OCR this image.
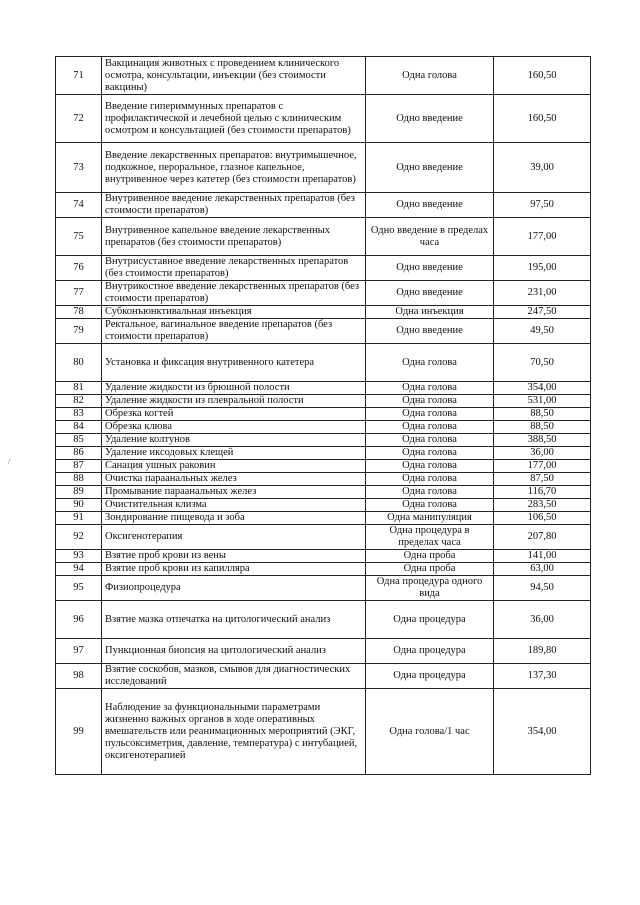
/
71	Вакцинация животных с проведением клинического осмотра, консультации, инъекции (без стоимости вакцины)	Одна голова	160,50
72	Введение гипериммунных препаратов с профилактической и лечебной целью с клиническим осмотром и консультацией (без стоимости препаратов)	Одно введение	160,50
73	Введение лекарственных препаратов: внутримышечное, подкожное, пероральное, глазное капельное, внутривенное через катетер (без стоимости препаратов)	Одно введение	39,00
74	Внутривенное введение лекарственных препаратов (без стоимости препаратов)	Одно введение	97,50
75	Внутривенное капельное введение лекарственных препаратов (без стоимости препаратов)	Одно введение в пределах часа	177,00
76	Внутрисуставное введение лекарственных препаратов (без стоимости препаратов)	Одно введение	195,00
77	Внутрикостное введение лекарственных препаратов (без стоимости препаратов)	Одно введение	231,00
78	Субконъюнктивальная инъекция	Одна инъекция	247,50
79	Ректальное, вагинальное введение препаратов (без стоимости препаратов)	Одно введение	49,50
80	Установка и фиксация внутривенного катетера	Одна голова	70,50
81	Удаление жидкости из брюшной полости	Одна голова	354,00
82	Удаление жидкости из плевральной полости	Одна голова	531,00
83	Обрезка когтей	Одна голова	88,50
84	Обрезка клюва	Одна голова	88,50
85	Удаление колтунов	Одна голова	388,50
86	Удаление иксодовых клещей	Одна голова	36,00
87	Санация ушных раковин	Одна голова	177,00
88	Очистка параанальных желез	Одна голова	87,50
89	Промывание параанальных желез	Одна голова	116,70
90	Очистительная клизма	Одна голова	283,50
91	Зондирование пищевода и зоба	Одна манипуляция	106,50
92	Оксигенотерапия	Одна процедура в пределах часа	207,80
93	Взятие проб крови из вены	Одна проба	141,00
94	Взятие проб крови из капилляра	Одна проба	63,00
95	Физиопроцедура	Одна процедура одного вида	94,50
96	Взятие мазка отпечатка на цитологический анализ	Одна процедура	36,00
97	Пункционная биопсия на цитологический анализ	Одна процедура	189,80
98	Взятие соскобов, мазков, смывов для диагностических исследований	Одна процедура	137,30
99	Наблюдение за функциональными параметрами жизненно важных органов в ходе оперативных вмешательств или реанимационных мероприятий (ЭКГ, пульсоксиметрия, давление, температура) с интубацией, оксигенотерапией	Одна голова/1 час	354,00
